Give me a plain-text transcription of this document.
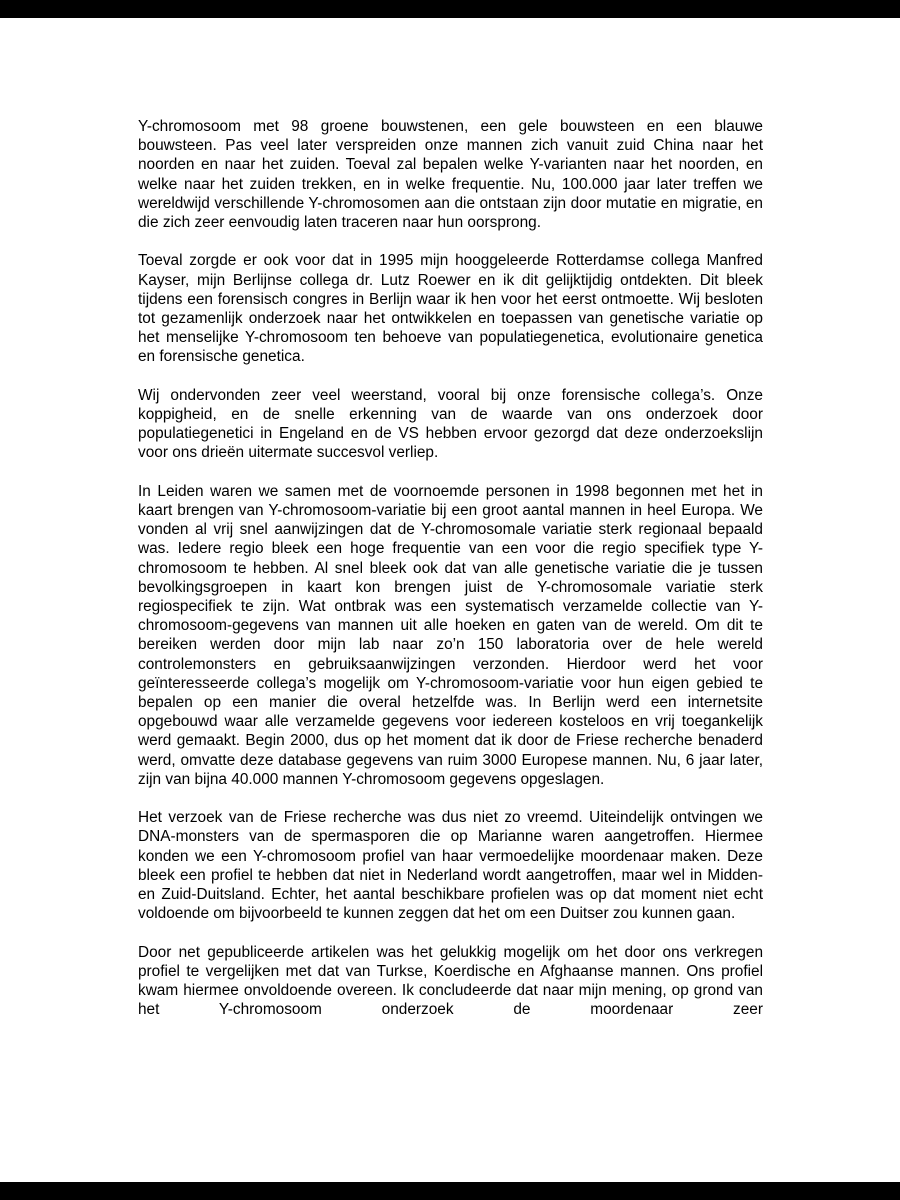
Y-chromosoom met 98 groene bouwstenen, een gele bouwsteen en een blauwe bouwsteen. Pas veel later verspreiden onze mannen zich vanuit zuid China naar het noorden en naar het zuiden. Toeval zal bepalen welke Y-varianten naar het noorden, en welke naar het zuiden trekken, en in welke frequentie. Nu, 100.000 jaar later treffen we wereldwijd verschillende Y-chromosomen aan die ontstaan zijn door mutatie en migratie, en die zich zeer eenvoudig laten traceren naar hun oorsprong.

Toeval zorgde er ook voor dat in 1995 mijn hooggeleerde Rotterdamse collega Manfred Kayser, mijn Berlijnse collega dr. Lutz Roewer en ik dit gelijktijdig ontdekten. Dit bleek tijdens een forensisch congres in Berlijn waar ik hen voor het eerst ontmoette. Wij besloten tot gezamenlijk onderzoek naar het ontwikkelen en toepassen van genetische variatie op het menselijke Y-chromosoom ten behoeve van populatiegenetica, evolutionaire genetica en forensische genetica.

Wij ondervonden zeer veel weerstand, vooral bij onze forensische collega’s. Onze koppigheid, en de snelle erkenning van de waarde van ons onderzoek door populatiegenetici in Engeland en de VS hebben ervoor gezorgd dat deze onderzoekslijn voor ons drieën uitermate succesvol verliep.

In Leiden waren we samen met de voornoemde personen in 1998 begonnen met het in kaart brengen van Y-chromosoom-variatie bij een groot aantal mannen in heel Europa. We vonden al vrij snel aanwijzingen dat de Y-chromosomale variatie sterk regionaal bepaald was. Iedere regio bleek een hoge frequentie van een voor die regio specifiek type Y-chromosoom te hebben. Al snel bleek ook dat van alle genetische variatie die je tussen bevolkingsgroepen in kaart kon brengen juist de Y-chromosomale variatie sterk regiospecifiek te zijn. Wat ontbrak was een systematisch verzamelde collectie van Y-chromosoom-gegevens van mannen uit alle hoeken en gaten van de wereld. Om dit te bereiken werden door mijn lab naar zo’n 150 laboratoria over de hele wereld controlemonsters en gebruiksaanwijzingen verzonden. Hierdoor werd het voor geïnteresseerde collega’s mogelijk om Y-chromosoom-variatie voor hun eigen gebied te bepalen op een manier die overal hetzelfde was. In Berlijn werd een internetsite opgebouwd waar alle verzamelde gegevens voor iedereen kosteloos en vrij toegankelijk werd gemaakt. Begin 2000, dus op het moment dat ik door de Friese recherche benaderd werd, omvatte deze database gegevens van ruim 3000 Europese mannen. Nu, 6 jaar later, zijn van bijna 40.000 mannen Y-chromosoom gegevens opgeslagen.

Het verzoek van de Friese recherche was dus niet zo vreemd. Uiteindelijk ontvingen we DNA-monsters van de spermasporen die op Marianne waren aangetroffen. Hiermee konden we een Y-chromosoom profiel van haar vermoedelijke moordenaar maken. Deze bleek een profiel te hebben dat niet in Nederland wordt aangetroffen, maar wel in Midden- en Zuid-Duitsland. Echter, het aantal beschikbare profielen was op dat moment niet echt voldoende om bijvoorbeeld te kunnen zeggen dat het om een Duitser zou kunnen gaan.

Door net gepubliceerde artikelen was het gelukkig mogelijk om het door ons verkregen profiel te vergelijken met dat van Turkse, Koerdische en Afghaanse mannen. Ons profiel kwam hiermee onvoldoende overeen. Ik concludeerde dat naar mijn mening, op grond van het Y-chromosoom onderzoek de moordenaar zeer
